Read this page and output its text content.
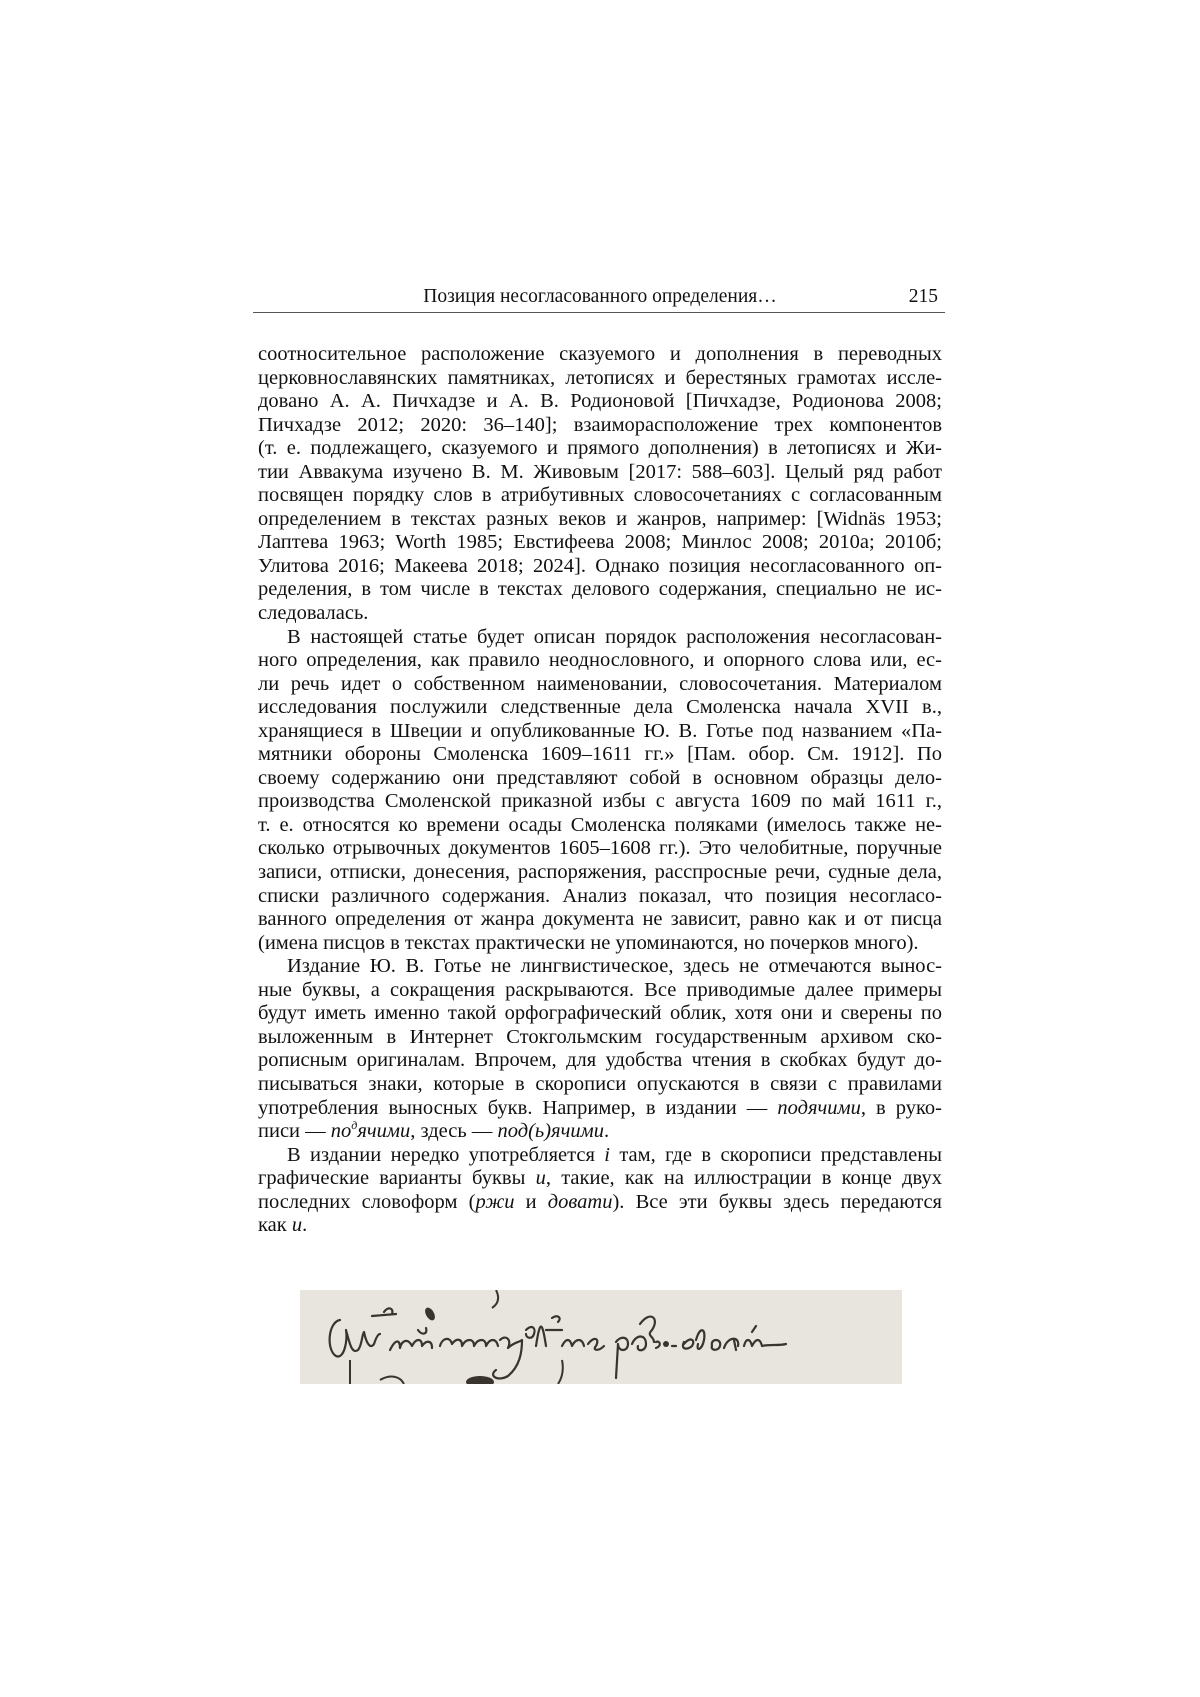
Позиция несогласованного определения…	215
соотносительное расположение сказуемого и дополнения в переводных
церковнославянских памятниках, летописях и берестяных грамотах иссле-
довано А. А. Пичхадзе и А. В. Родионовой [Пичхадзе, Родионова 2008;
Пичхадзе 2012; 2020: 36–140]; взаиморасположение трех компонентов
(т. е. подлежащего, сказуемого и прямого дополнения) в летописях и Жи-
тии Аввакума изучено В. М. Живовым [2017: 588–603]. Целый ряд работ
посвящен порядку слов в атрибутивных словосочетаниях с согласованным
определением в текстах разных веков и жанров, например: [Widnäs 1953;
Лаптева 1963; Worth 1985; Евстифеева 2008; Минлос 2008; 2010а; 2010б;
Улитова 2016; Макеева 2018; 2024]. Однако позиция несогласованного оп-
ределения, в том числе в текстах делового содержания, специально не ис-
следовалась.
В настоящей статье будет описан порядок расположения несогласован-
ного определения, как правило неоднословного, и опорного слова или, ес-
ли речь идет о собственном наименовании, словосочетания. Материалом
исследования послужили следственные дела Смоленска начала XVII в.,
хранящиеся в Швеции и опубликованные Ю. В. Готье под названием «Па-
мятники обороны Смоленска 1609–1611 гг.» [Пам. обор. См. 1912]. По
своему содержанию они представляют собой в основном образцы дело-
производства Смоленской приказной избы с августа 1609 по май 1611 г.,
т. е. относятся ко времени осады Смоленска поляками (имелось также не-
сколько отрывочных документов 1605–1608 гг.). Это челобитные, поручные
записи, отписки, донесения, распоряжения, расспросные речи, судные дела,
списки различного содержания. Анализ показал, что позиция несогласо-
ванного определения от жанра документа не зависит, равно как и от писца
(имена писцов в текстах практически не упоминаются, но почерков много).
Издание Ю. В. Готье не лингвистическое, здесь не отмечаются вынос-
ные буквы, а сокращения раскрываются. Все приводимые далее примеры
будут иметь именно такой орфографический облик, хотя они и сверены по
выложенным в Интернет Стокгольмским государственным архивом ско-
рописным оригиналам. Впрочем, для удобства чтения в скобках будут до-
писываться знаки, которые в скорописи опускаются в связи с правилами
употребления выносных букв. Например, в издании — подячими, в руко-
писи — $по^дячими$, здесь — под(ь)ячими.
В издании нередко употребляется і там, где в скорописи представлены
графические варианты буквы и, такие, как на иллюстрации в конце двух
последних словоформ (ржи и довати). Все эти буквы здесь передаются
как и.
